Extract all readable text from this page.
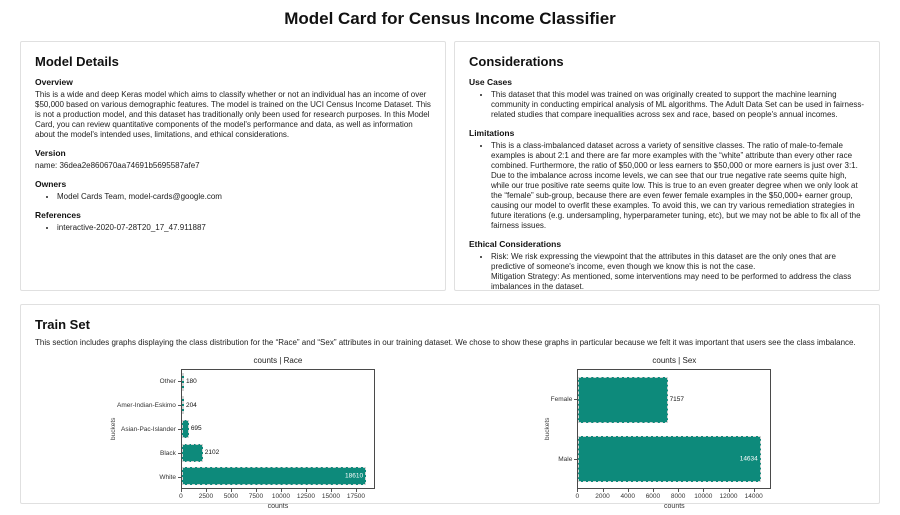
Model Card for Census Income Classifier
Model Details
Overview

This is a wide and deep Keras model which aims to classify whether or not an individual has an income of over $50,000 based on various demographic features. The model is trained on the UCI Census Income Dataset. This is not a production model, and this dataset has traditionally only been used for research purposes. In this Model Card, you can review quantitative components of the model's performance and data, as well as information about the model's intended uses, limitations, and ethical considerations.

Version

name: 36dea2e860670aa74691b5695587afe7

Owners
• Model Cards Team, model-cards@google.com
References
• interactive-2020-07-28T20_17_47.911887
Considerations
Use Cases
• This dataset that this model was trained on was originally created to support the machine learning community in conducting empirical analysis of ML algorithms. The Adult Data Set can be used in fairness-related studies that compare inequalities across sex and race, based on people's annual incomes.
Limitations
• This is a class-imbalanced dataset across a variety of sensitive classes. The ratio of male-to-female examples is about 2:1 and there are far more examples with the “white” attribute than every other race combined. Furthermore, the ratio of $50,000 or less earners to $50,000 or more earners is just over 3:1. Due to the imbalance across income levels, we can see that our true negative rate seems quite high, while our true positive rate seems quite low. This is true to an even greater degree when we only look at the “female” sub-group, because there are even fewer female examples in the $50,000+ earner group, causing our model to overfit these examples. To avoid this, we can try various remediation strategies in future iterations (e.g. undersampling, hyperparameter tuning, etc), but we may not be able to fix all of the fairness issues.
Ethical Considerations
• Risk: We risk expressing the viewpoint that the attributes in this dataset are the only ones that are predictive of someone's income, even though we know this is not the case.
Mitigation Strategy: As mentioned, some interventions may need to be performed to address the class imbalances in the dataset.
Train Set

This section includes graphs displaying the class distribution for the “Race” and “Sex” attributes in our training dataset. We chose to show these graphs in particular because we felt it was important that users see the class imbalance.

buckets
Other
Amer-Indian-Eskimo
Asian-Pac-Islander
Black
White
counts | Race
180
204
695
2102
18610
0 2500 5000 7500 10000 12500 15000 17500
counts
buckets
Female
Male
counts | Sex
7157
14634
0 2000 4000 6000 8000 10000 12000 14000
counts
